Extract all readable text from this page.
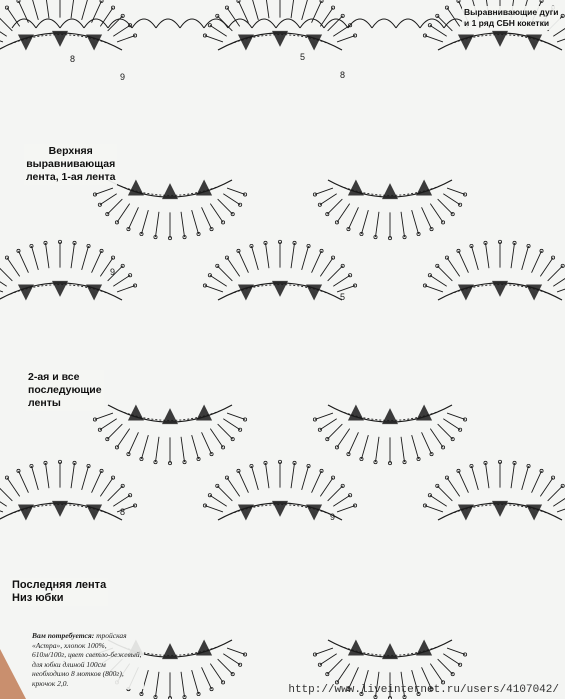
8
9
5
8
9
5
8	9
Выравнивающие дуги
и 1 ряд СБН кокетки
Верхняя
выравнивающая
лента, 1-ая лента
2-ая и все
последующие
ленты
Последняя лента
Низ юбки
Вам потребуется: тройская «Астра», хлопок 100%, 610м/100г, цвет светло-бежевый, для юбки длиной 100см необходимо 8 мотков (800г), крючок 2,0.
http://www.liveinternet.ru/users/4107042/
